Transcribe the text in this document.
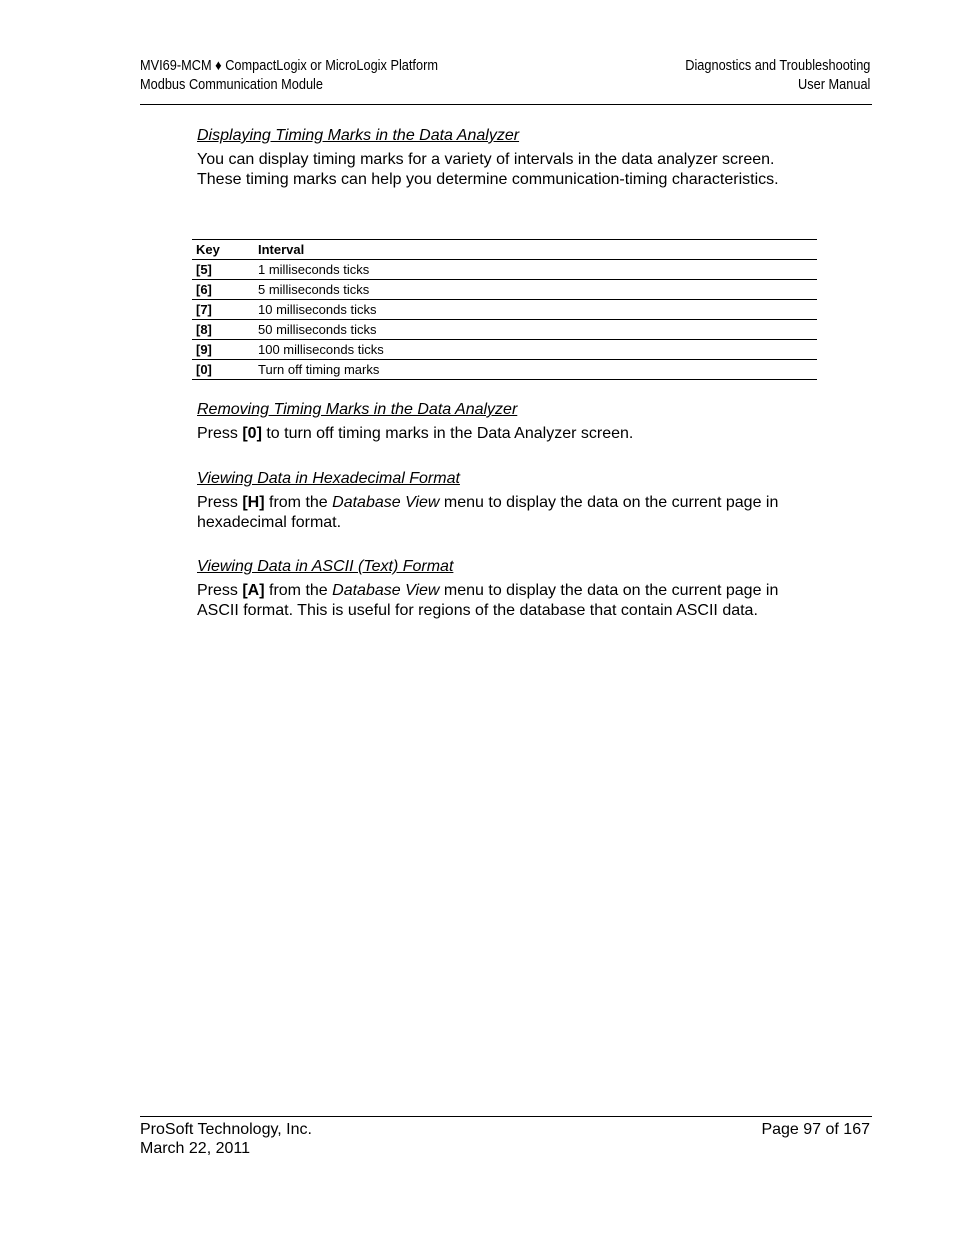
MVI69-MCM ♦ CompactLogix or MicroLogix Platform
Modbus Communication Module
Diagnostics and Troubleshooting
User Manual

Displaying Timing Marks in the Data Analyzer

You can display timing marks for a variety of intervals in the data analyzer screen. These timing marks can help you determine communication-timing characteristics.

Key	Interval
[5]	1 milliseconds ticks
[6]	5 milliseconds ticks
[7]	10 milliseconds ticks
[8]	50 milliseconds ticks
[9]	100 milliseconds ticks
[0]	Turn off timing marks

Removing Timing Marks in the Data Analyzer

Press [0] to turn off timing marks in the Data Analyzer screen.

Viewing Data in Hexadecimal Format

Press [H] from the Database View menu to display the data on the current page in hexadecimal format.

Viewing Data in ASCII (Text) Format

Press [A] from the Database View menu to display the data on the current page in ASCII format. This is useful for regions of the database that contain ASCII data.

ProSoft Technology, Inc.
March 22, 2011
Page 97 of 167
